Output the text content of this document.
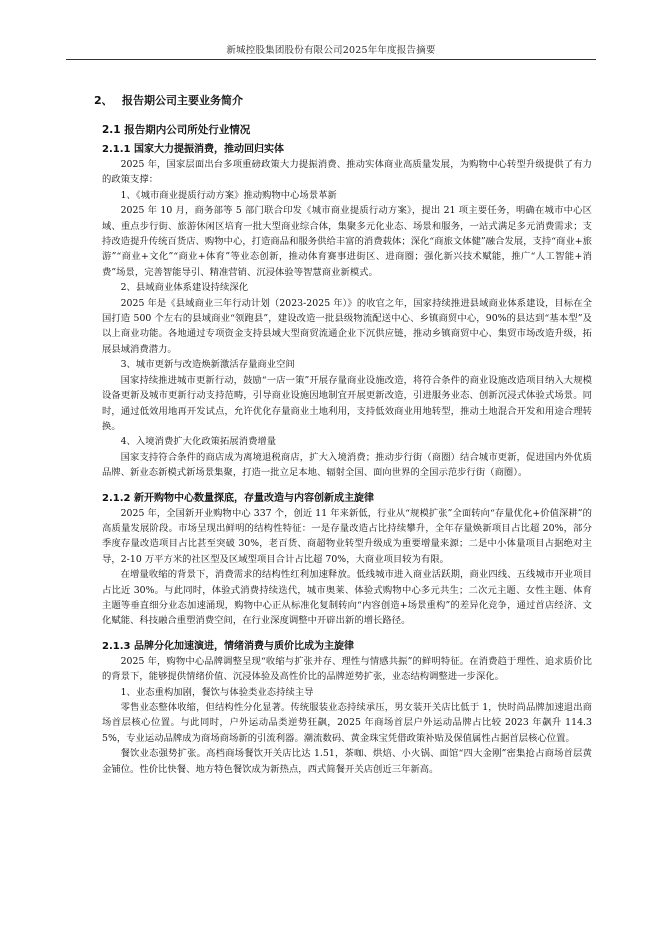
新城控股集团股份有限公司2025年年度报告摘要
2、 报告期公司主要业务简介
2.1 报告期内公司所处行业情况
2.1.1 国家大力提振消费，推动回归实体

2025 年，国家层面出台多项重磅政策大力提振消费、推动实体商业高质量发展，为购物中心转型升级提供了有力的政策支撑：

1、《城市商业提质行动方案》推动购物中心场景革新

2025 年 10 月，商务部等 5 部门联合印发《城市商业提质行动方案》，提出 21 项主要任务，明确在城市中心区域、重点步行街、旅游休闲区培育一批大型商业综合体，集聚多元化业态、场景和服务，一站式满足多元消费需求；支持改造提升传统百货店、购物中心，打造商品和服务供给丰富的消费载体；深化“商旅文体健”融合发展，支持“商业+旅游”“商业+文化”“商业+体育”等业态创新，推动体育赛事进街区、进商圈；强化新兴技术赋能，推广“人工智能+消费”场景，完善智能导引、精准营销、沉浸体验等智慧商业新模式。

2、县域商业体系建设持续深化

2025 年是《县域商业三年行动计划（2023-2025 年）》的收官之年，国家持续推进县域商业体系建设，目标在全国打造 500 个左右的县域商业“领跑县”，建设改造一批县级物流配送中心、乡镇商贸中心，90%的县达到“基本型”及以上商业功能。各地通过专项资金支持县域大型商贸流通企业下沉供应链，推动乡镇商贸中心、集贸市场改造升级，拓展县域消费潜力。

3、城市更新与改造焕新激活存量商业空间

国家持续推进城市更新行动，鼓励“一店一策”开展存量商业设施改造，将符合条件的商业设施改造项目纳入大规模设备更新及城市更新行动支持范畴，引导商业设施因地制宜开展更新改造，引进服务业态、创新沉浸式体验式场景。同时，通过低效用地再开发试点，允许优化存量商业土地利用，支持低效商业用地转型，推动土地混合开发和用途合理转换。

4、入境消费扩大化政策拓展消费增量

国家支持符合条件的商店成为离境退税商店，扩大入境消费；推动步行街（商圈）结合城市更新，促进国内外优质品牌、新业态新模式新场景集聚，打造一批立足本地、辐射全国、面向世界的全国示范步行街（商圈）。

2.1.2 新开购物中心数量探底，存量改造与内容创新成主旋律

2025 年，全国新开业购物中心 337 个，创近 11 年来新低，行业从“规模扩张”全面转向“存量优化+价值深耕”的高质量发展阶段。市场呈现出鲜明的结构性特征：一是存量改造占比持续攀升，全年存量焕新项目占比超 20%，部分季度存量改造项目占比甚至突破 30%，老百货、商超物业转型升级成为重要增量来源；二是中小体量项目占据绝对主导，2-10 万平方米的社区型及区域型项目合计占比超 70%，大商业项目较为有限。

在增量收缩的背景下，消费需求的结构性红利加速释放。低线城市进入商业活跃期，商业四线、五线城市开业项目占比近 30%。与此同时，体验式消费持续迭代，城市奥莱、体验式购物中心多元共生；二次元主题、女性主题、体育主题等垂直细分业态加速涌现，购物中心正从标准化复制转向“内容创造+场景重构”的差异化竞争，通过首店经济、文化赋能、科技融合重塑消费空间，在行业深度调整中开辟出新的增长路径。

2.1.3 品牌分化加速演进，情绪消费与质价比成为主旋律

2025 年，购物中心品牌调整呈现“收缩与扩张并存、理性与情感共振”的鲜明特征。在消费趋于理性、追求质价比的背景下，能够提供情绪价值、沉浸体验及高性价比的品牌逆势扩张，业态结构调整进一步深化。

1、业态重构加剧，餐饮与体验类业态持续主导

零售业态整体收缩，但结构性分化显著。传统服装业态持续承压，男女装开关店比低于 1，快时尚品牌加速退出商场首层核心位置。与此同时，户外运动品类逆势狂飙，2025 年商场首层户外运动品牌占比较 2023 年飙升 114.35%，专业运动品牌成为商场商场新的引流利器。潮流数码、黄金珠宝凭借政策补贴及保值属性占据首层核心位置。

餐饮业态强势扩张。高档商场餐饮开关店比达 1.51，茶咖、烘焙、小火锅、面馆“四大金刚”密集抢占商场首层黄金铺位。性价比快餐、地方特色餐饮成为新热点，西式简餐开关店创近三年新高。
